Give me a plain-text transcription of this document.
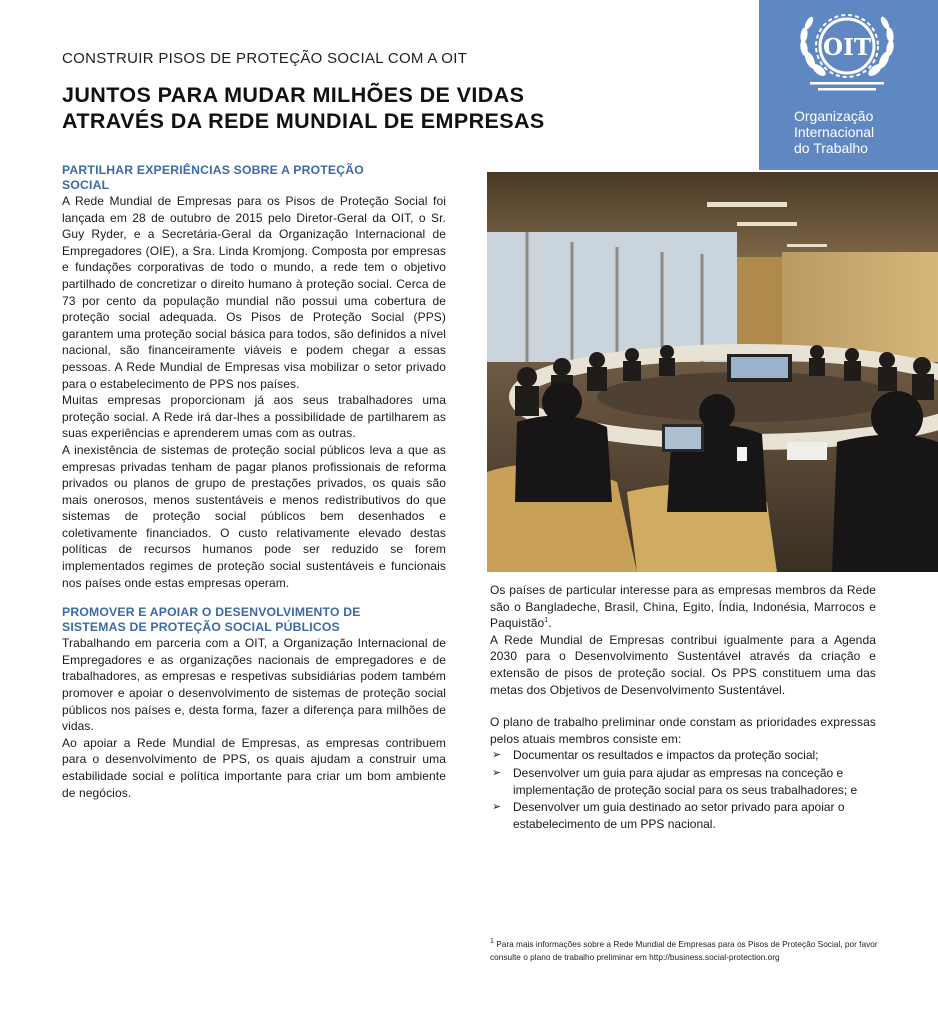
CONSTRUIR PISOS DE PROTEÇÃO SOCIAL COM A OIT
JUNTOS PARA MUDAR MILHÕES DE VIDAS
ATRAVÉS DA REDE MUNDIAL DE EMPRESAS
OIT
Organização
Internacional
do Trabalho
PARTILHAR EXPERIÊNCIAS SOBRE A PROTEÇÃO
SOCIAL

A Rede Mundial de Empresas para os Pisos de Proteção Social foi lançada em 28 de outubro de 2015 pelo Diretor-Geral da OIT, o Sr. Guy Ryder, e a Secretária-Geral da Organização Internacional de Empregadores (OIE), a Sra. Linda Kromjong. Composta por empresas e fundações corporativas de todo o mundo, a rede tem o objetivo partilhado de concretizar o direito humano à proteção social. Cerca de 73 por cento da população mundial não possui uma cobertura de proteção social adequada. Os Pisos de Proteção Social (PPS) garantem uma proteção social básica para todos, são definidos a nível nacional, são financeiramente viáveis e podem chegar a essas pessoas. A Rede Mundial de Empresas visa mobilizar o setor privado para o estabelecimento de PPS nos países.

Muitas empresas proporcionam já aos seus trabalhadores uma proteção social. A Rede irá dar-lhes a possibilidade de partilharem as suas experiências e aprenderem umas com as outras.

A inexistência de sistemas de proteção social públicos leva a que as empresas privadas tenham de pagar planos profissionais de reforma privados ou planos de grupo de prestações privados, os quais são mais onerosos, menos sustentáveis e menos redistributivos do que sistemas de proteção social públicos bem desenhados e coletivamente financiados. O custo relativamente elevado destas políticas de recursos humanos pode ser reduzido se forem implementados regimes de proteção social sustentáveis e funcionais nos países onde estas empresas operam.

PROMOVER E APOIAR O DESENVOLVIMENTO DE
SISTEMAS DE PROTEÇÃO SOCIAL PÚBLICOS

Trabalhando em parceria com a OIT, a Organização Internacional de Empregadores e as organizações nacionais de empregadores e de trabalhadores, as empresas e respetivas subsidiárias podem também promover e apoiar o desenvolvimento de sistemas de proteção social públicos nos países e, desta forma, fazer a diferença para milhões de vidas.

Ao apoiar a Rede Mundial de Empresas, as empresas contribuem para o desenvolvimento de PPS, os quais ajudam a construir uma estabilidade social e política importante para criar um bom ambiente de negócios.

Os países de particular interesse para as empresas membros da Rede são o Bangladeche, Brasil, China, Egito, Índia, Indonésia, Marrocos e Paquistão$^1$.

A Rede Mundial de Empresas contribui igualmente para a Agenda 2030 para o Desenvolvimento Sustentável através da criação e extensão de pisos de proteção social. Os PPS constituem uma das metas dos Objetivos de Desenvolvimento Sustentável.

O plano de trabalho preliminar onde constam as prioridades expressas pelos atuais membros consiste em:

➢ Documentar os resultados e impactos da proteção social;
➢ Desenvolver um guia para ajudar as empresas na conceção e implementação de proteção social para os seus trabalhadores; e
➢ Desenvolver um guia destinado ao setor privado para apoiar o estabelecimento de um PPS nacional.
$^1$ Para mais informações sobre a Rede Mundial de Empresas para os Pisos de Proteção Social, por favor consulte o plano de trabalho preliminar em http://business.social-protection.org
